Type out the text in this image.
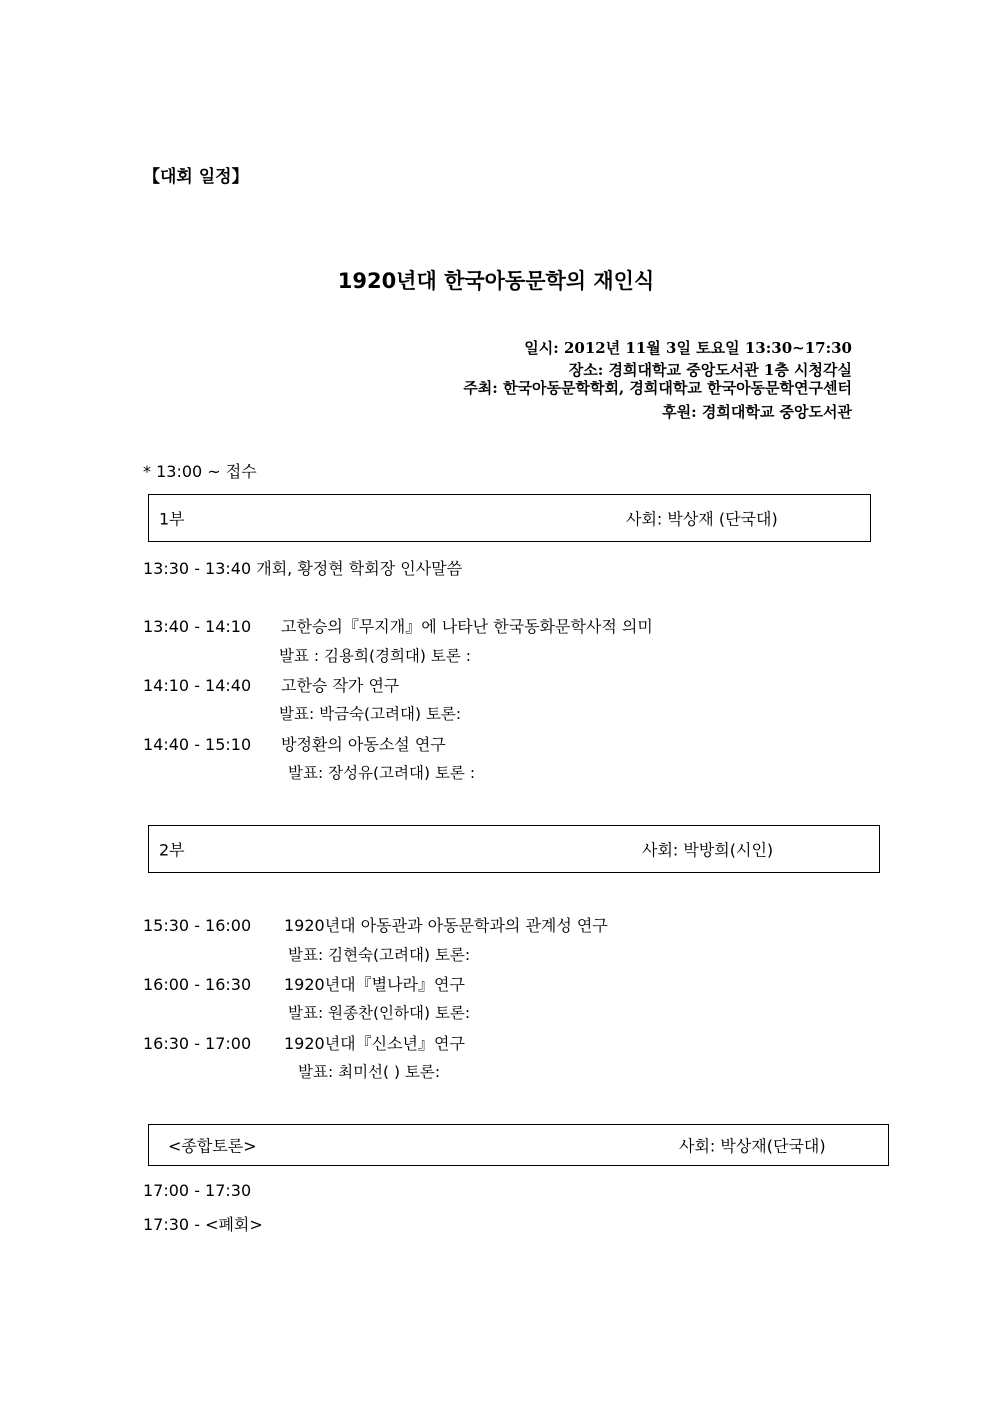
【대회 일정】
1920년대 한국아동문학의 재인식
일시: 2012년 11월 3일 토요일 13:30~17:30
장소: 경희대학교 중앙도서관 1층 시청각실
주최: 한국아동문학학회, 경희대학교 한국아동문학연구센터
후원: 경희대학교 중앙도서관
* 13:00 ~ 접수
1부	사회: 박상재 (단국대)
13:30 - 13:40 개회, 황정현 학회장 인사말씀
13:40 - 14:10 고한승의『무지개』에 나타난 한국동화문학사적 의미
발표 : 김용희(경희대) 토론 :
14:10 - 14:40 고한승 작가 연구
발표: 박금숙(고려대) 토론:
14:40 - 15:10 방정환의 아동소설 연구
발표: 장성유(고려대) 토론 :
2부	사회: 박방희(시인)
15:30 - 16:00 1920년대 아동관과 아동문학과의 관계성 연구
발표: 김현숙(고려대) 토론:
16:00 - 16:30 1920년대『별나라』연구
발표: 원종찬(인하대) 토론:
16:30 - 17:00 1920년대『신소년』연구
발표: 최미선( ) 토론:
<종합토론>	사회: 박상재(단국대)
17:00 - 17:30
17:30 - <폐회>
